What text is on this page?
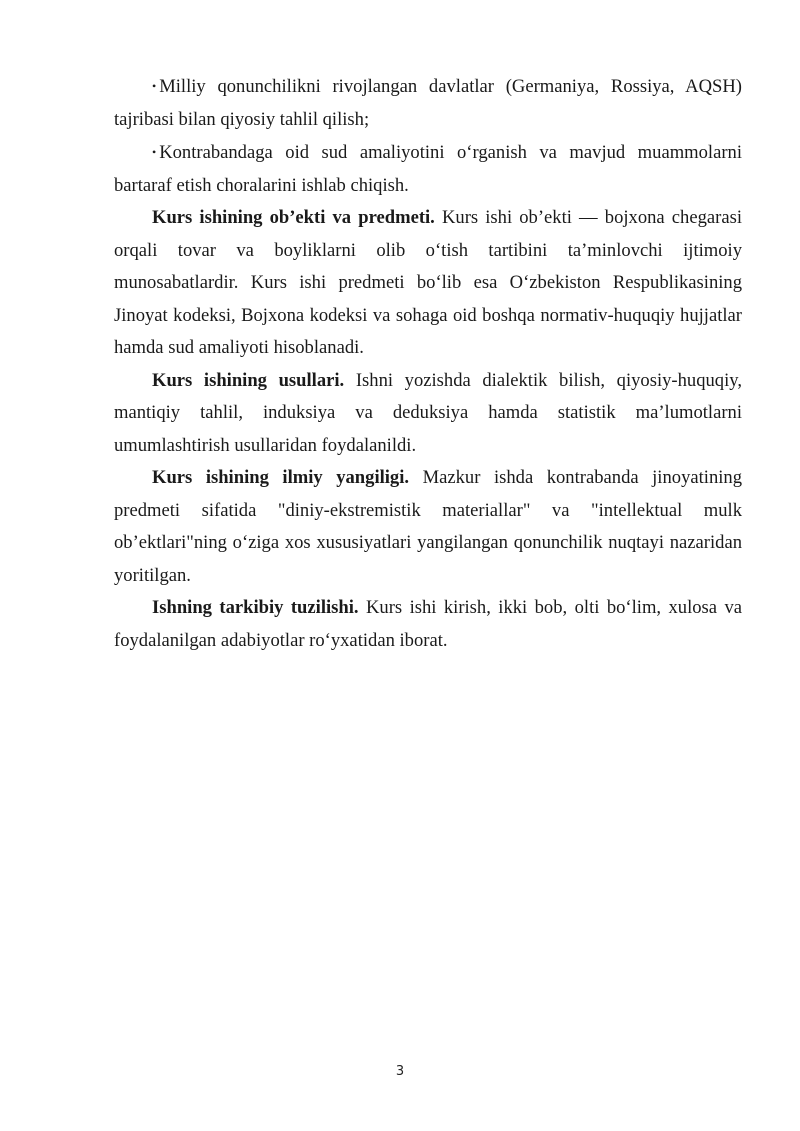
• Milliy qonunchilikni rivojlangan davlatlar (Germaniya, Rossiya, AQSH) tajribasi bilan qiyosiy tahlil qilish;

• Kontrabandaga oid sud amaliyotini o‘rganish va mavjud muammolarni bartaraf etish choralarini ishlab chiqish.

Kurs ishining ob’ekti va predmeti. Kurs ishi ob’ekti — bojxona chegarasi orqali tovar va boyliklarni olib o‘tish tartibini ta’minlovchi ijtimoiy munosabatlardir. Kurs ishi predmeti bo‘lib esa O‘zbekiston Respublikasining Jinoyat kodeksi, Bojxona kodeksi va sohaga oid boshqa normativ-huquqiy hujjatlar hamda sud amaliyoti hisoblanadi.

Kurs ishining usullari. Ishni yozishda dialektik bilish, qiyosiy-huquqiy, mantiqiy tahlil, induksiya va deduksiya hamda statistik ma’lumotlarni umumlashtirish usullaridan foydalanildi.

Kurs ishining ilmiy yangiligi. Mazkur ishda kontrabanda jinoyatining predmeti sifatida "diniy-ekstremistik materiallar" va "intellektual mulk ob’ektlari"ning o‘ziga xos xususiyatlari yangilangan qonunchilik nuqtayi nazaridan yoritilgan.

Ishning tarkibiy tuzilishi. Kurs ishi kirish, ikki bob, olti bo‘lim, xulosa va foydalanilgan adabiyotlar ro‘yxatidan iborat.

3
